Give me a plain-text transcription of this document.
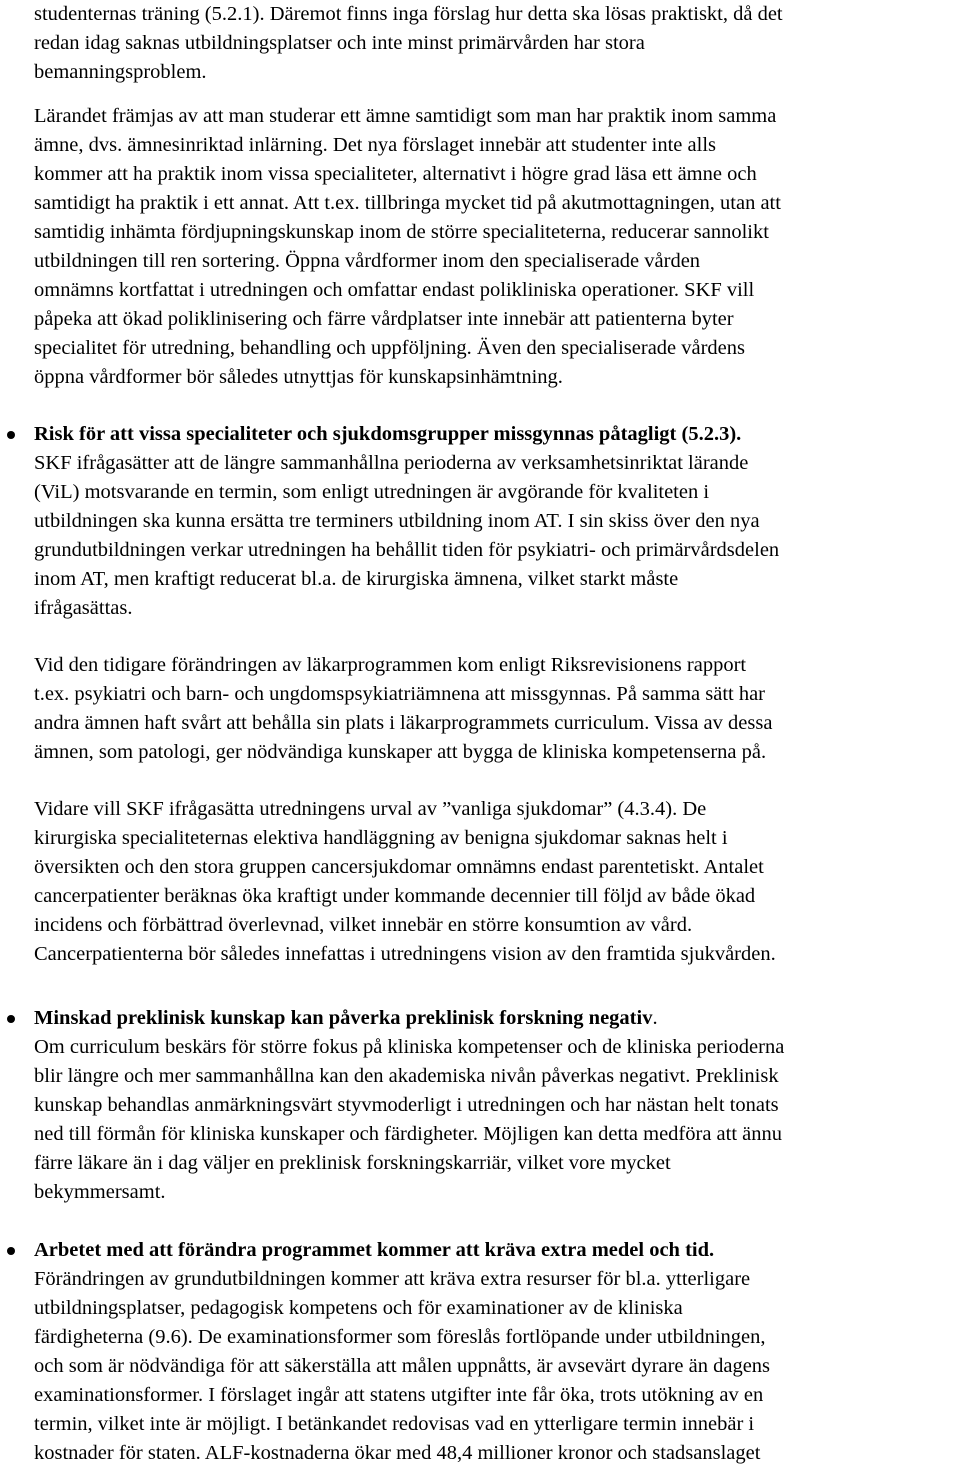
studenternas träning (5.2.1). Däremot finns inga förslag hur detta ska lösas praktiskt, då det
redan idag saknas utbildningsplatser och inte minst primärvården har stora
bemanningsproblem.
Lärandet främjas av att man studerar ett ämne samtidigt som man har praktik inom samma
ämne, dvs. ämnesinriktad inlärning. Det nya förslaget innebär att studenter inte alls
kommer att ha praktik inom vissa specialiteter, alternativt i högre grad läsa ett ämne och
samtidigt ha praktik i ett annat. Att t.ex. tillbringa mycket tid på akutmottagningen, utan att
samtidig inhämta fördjupningskunskap inom de större specialiteterna, reducerar sannolikt
utbildningen till ren sortering. Öppna vårdformer inom den specialiserade vården
omnämns kortfattat i utredningen och omfattar endast polikliniska operationer. SKF vill
påpeka att ökad poliklinisering och färre vårdplatser inte innebär att patienterna byter
specialitet för utredning, behandling och uppföljning. Även den specialiserade vårdens
öppna vårdformer bör således utnyttjas för kunskapsinhämtning.
Risk för att vissa specialiteter och sjukdomsgrupper missgynnas påtagligt (5.2.3).
SKF ifrågasätter att de längre sammanhållna perioderna av verksamhetsinriktat lärande
(ViL) motsvarande en termin, som enligt utredningen är avgörande för kvaliteten i
utbildningen ska kunna ersätta tre terminers utbildning inom AT. I sin skiss över den nya
grundutbildningen verkar utredningen ha behållit tiden för psykiatri- och primärvårdsdelen
inom AT, men kraftigt reducerat bl.a. de kirurgiska ämnena, vilket starkt måste
ifrågasättas.
Vid den tidigare förändringen av läkarprogrammen kom enligt Riksrevisionens rapport
t.ex. psykiatri och barn- och ungdomspsykiatriämnena att missgynnas. På samma sätt har
andra ämnen haft svårt att behålla sin plats i läkarprogrammets curriculum. Vissa av dessa
ämnen, som patologi, ger nödvändiga kunskaper att bygga de kliniska kompetenserna på.
Vidare vill SKF ifrågasätta utredningens urval av ”vanliga sjukdomar” (4.3.4). De
kirurgiska specialiteternas elektiva handläggning av benigna sjukdomar saknas helt i
översikten och den stora gruppen cancersjukdomar omnämns endast parentetiskt. Antalet
cancerpatienter beräknas öka kraftigt under kommande decennier till följd av både ökad
incidens och förbättrad överlevnad, vilket innebär en större konsumtion av vård.
Cancerpatienterna bör således innefattas i utredningens vision av den framtida sjukvården.
Minskad preklinisk kunskap kan påverka preklinisk forskning negativ.
Om curriculum beskärs för större fokus på kliniska kompetenser och de kliniska perioderna
blir längre och mer sammanhållna kan den akademiska nivån påverkas negativt. Preklinisk
kunskap behandlas anmärkningsvärt styvmoderligt i utredningen och har nästan helt tonats
ned till förmån för kliniska kunskaper och färdigheter. Möjligen kan detta medföra att ännu
färre läkare än i dag väljer en preklinisk forskningskarriär, vilket vore mycket
bekymmersamt.
Arbetet med att förändra programmet kommer att kräva extra medel och tid.
Förändringen av grundutbildningen kommer att kräva extra resurser för bl.a. ytterligare
utbildningsplatser, pedagogisk kompetens och för examinationer av de kliniska
färdigheterna (9.6). De examinationsformer som föreslås fortlöpande under utbildningen,
och som är nödvändiga för att säkerställa att målen uppnåtts, är avsevärt dyrare än dagens
examinationsformer. I förslaget ingår att statens utgifter inte får öka, trots utökning av en
termin, vilket inte är möjligt. I betänkandet redovisas vad en ytterligare termin innebär i
kostnader för staten. ALF-kostnaderna ökar med 48,4 millioner kronor och stadsanslaget
